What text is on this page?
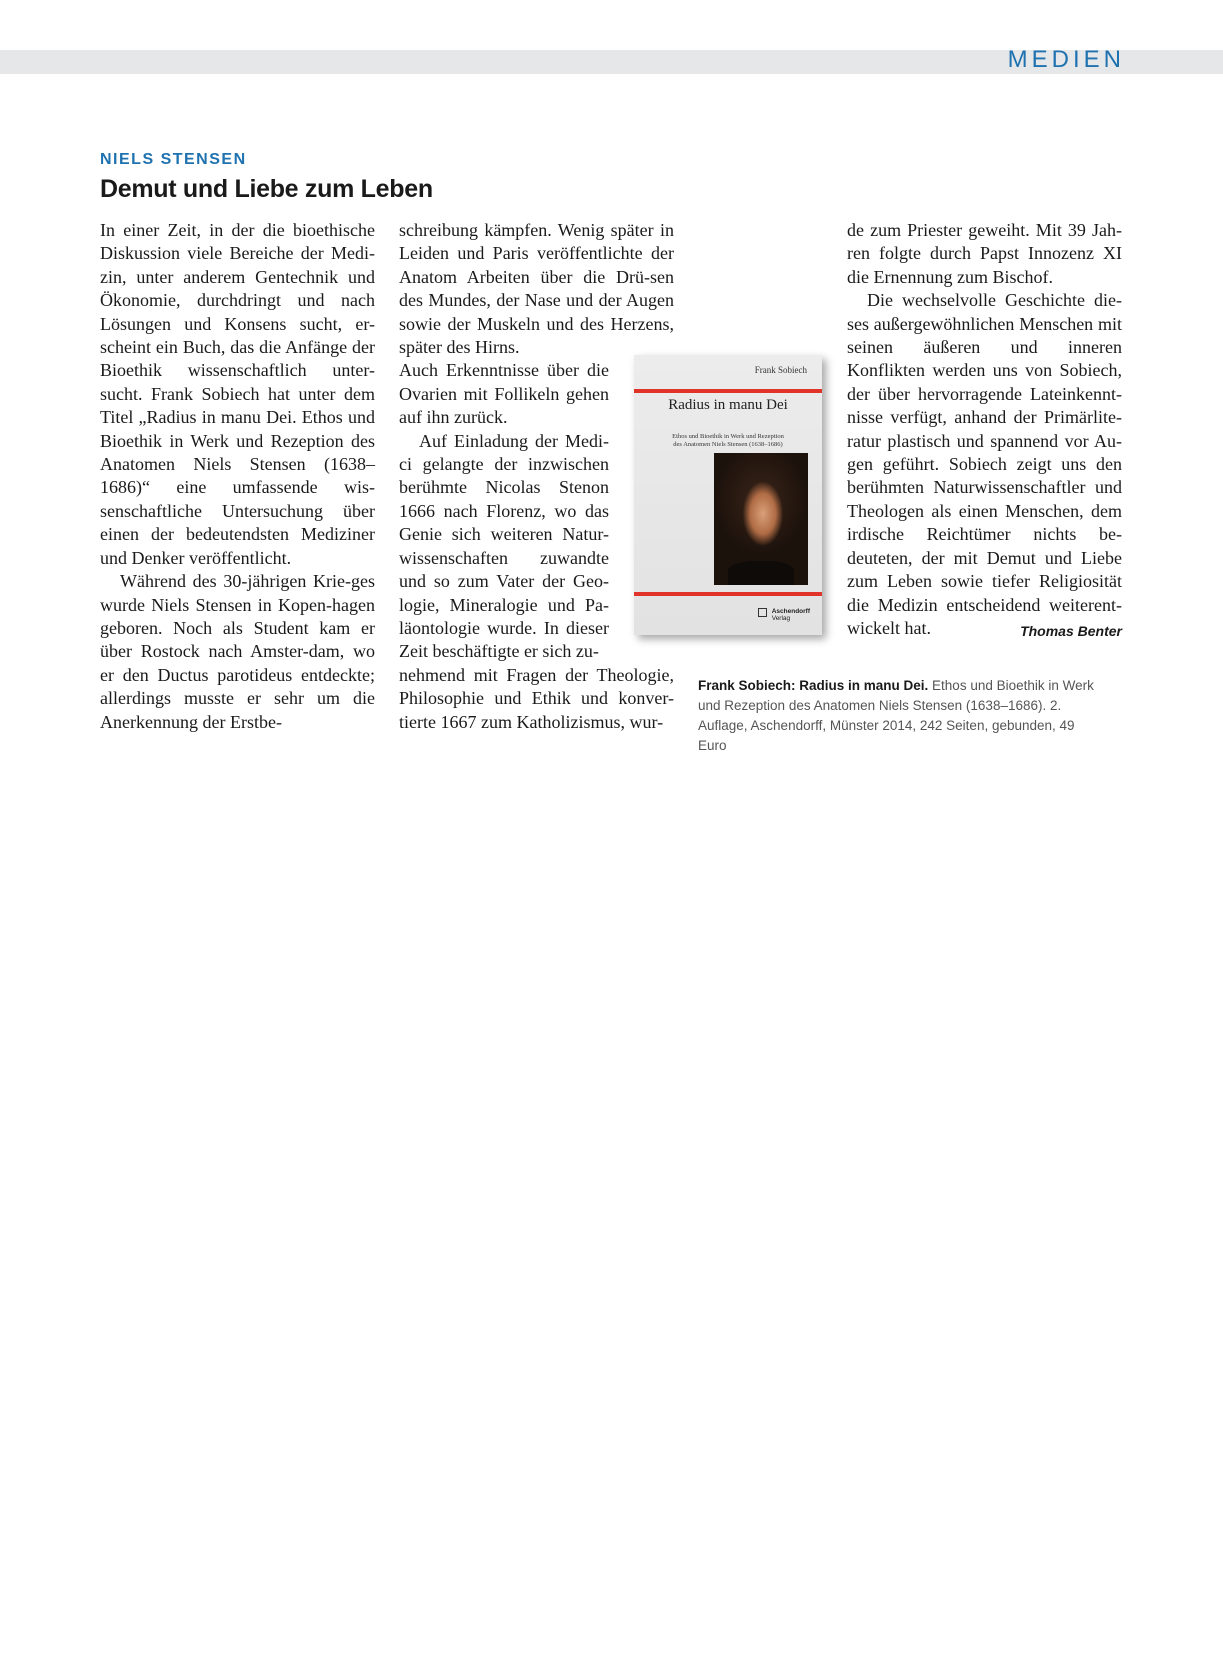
MEDIEN
NIELS STENSEN
Demut und Liebe zum Leben

In einer Zeit, in der die bioethische Diskussion viele Bereiche der Medi-zin, unter anderem Gentechnik und Ökonomie, durchdringt und nach Lösungen und Konsens sucht, er-scheint ein Buch, das die Anfänge der Bioethik wissenschaftlich unter-sucht. Frank Sobiech hat unter dem Titel „Radius in manu Dei. Ethos und Bioethik in Werk und Rezeption des Anatomen Niels Stensen (1638–1686)“ eine umfassende wis-senschaftliche Untersuchung über einen der bedeutendsten Mediziner und Denker veröffentlicht.

Während des 30-jährigen Krie-ges wurde Niels Stensen in Kopen-hagen geboren. Noch als Student kam er über Rostock nach Amster-dam, wo er den Ductus parotideus entdeckte; allerdings musste er sehr um die Anerkennung der Erstbe-

schreibung kämpfen. Wenig später in Leiden und Paris veröffentlichte der Anatom Arbeiten über die Drü-sen des Mundes, der Nase und der Augen sowie der Muskeln und des Herzens, später des Hirns.

Auch Erkenntnisse über die Ovarien mit Follikeln gehen auf ihn zurück.

Auf Einladung der Medi-ci gelangte der inzwischen berühmte Nicolas Stenon 1666 nach Florenz, wo das Genie sich weiteren Natur-wissenschaften zuwandte und so zum Vater der Geo-logie, Mineralogie und Pa-läontologie wurde. In dieser Zeit beschäftigte er sich zu-

nehmend mit Fragen der Theologie, Philosophie und Ethik und konver-tierte 1667 zum Katholizismus, wur-

Frank Sobiech
Radius in manu Dei
Ethos und Bioethik in Werk und Rezeption
des Anatomen Niels Stensen (1638–1686)

Aschendorff
Verlag

de zum Priester geweiht. Mit 39 Jah-ren folgte durch Papst Innozenz XI die Ernennung zum Bischof.

Die wechselvolle Geschichte die-ses außergewöhnlichen Menschen mit seinen äußeren und inneren Konflikten werden uns von Sobiech, der über hervorragende Lateinkennt-nisse verfügt, anhand der Primärlite-ratur plastisch und spannend vor Au-gen geführt. Sobiech zeigt uns den berühmten Naturwissenschaftler und Theologen als einen Menschen, dem irdische Reichtümer nichts be-deuteten, der mit Demut und Liebe zum Leben sowie tiefer Religiosität die Medizin entscheidend weiterent-wickelt hat.	Thomas Benter

Frank Sobiech: Radius in manu Dei. Ethos und Bioethik in Werk und Rezeption des Anatomen Niels Stensen (1638–1686). 2. Auflage, Aschendorff, Münster 2014, 242 Seiten, gebunden, 49 Euro
